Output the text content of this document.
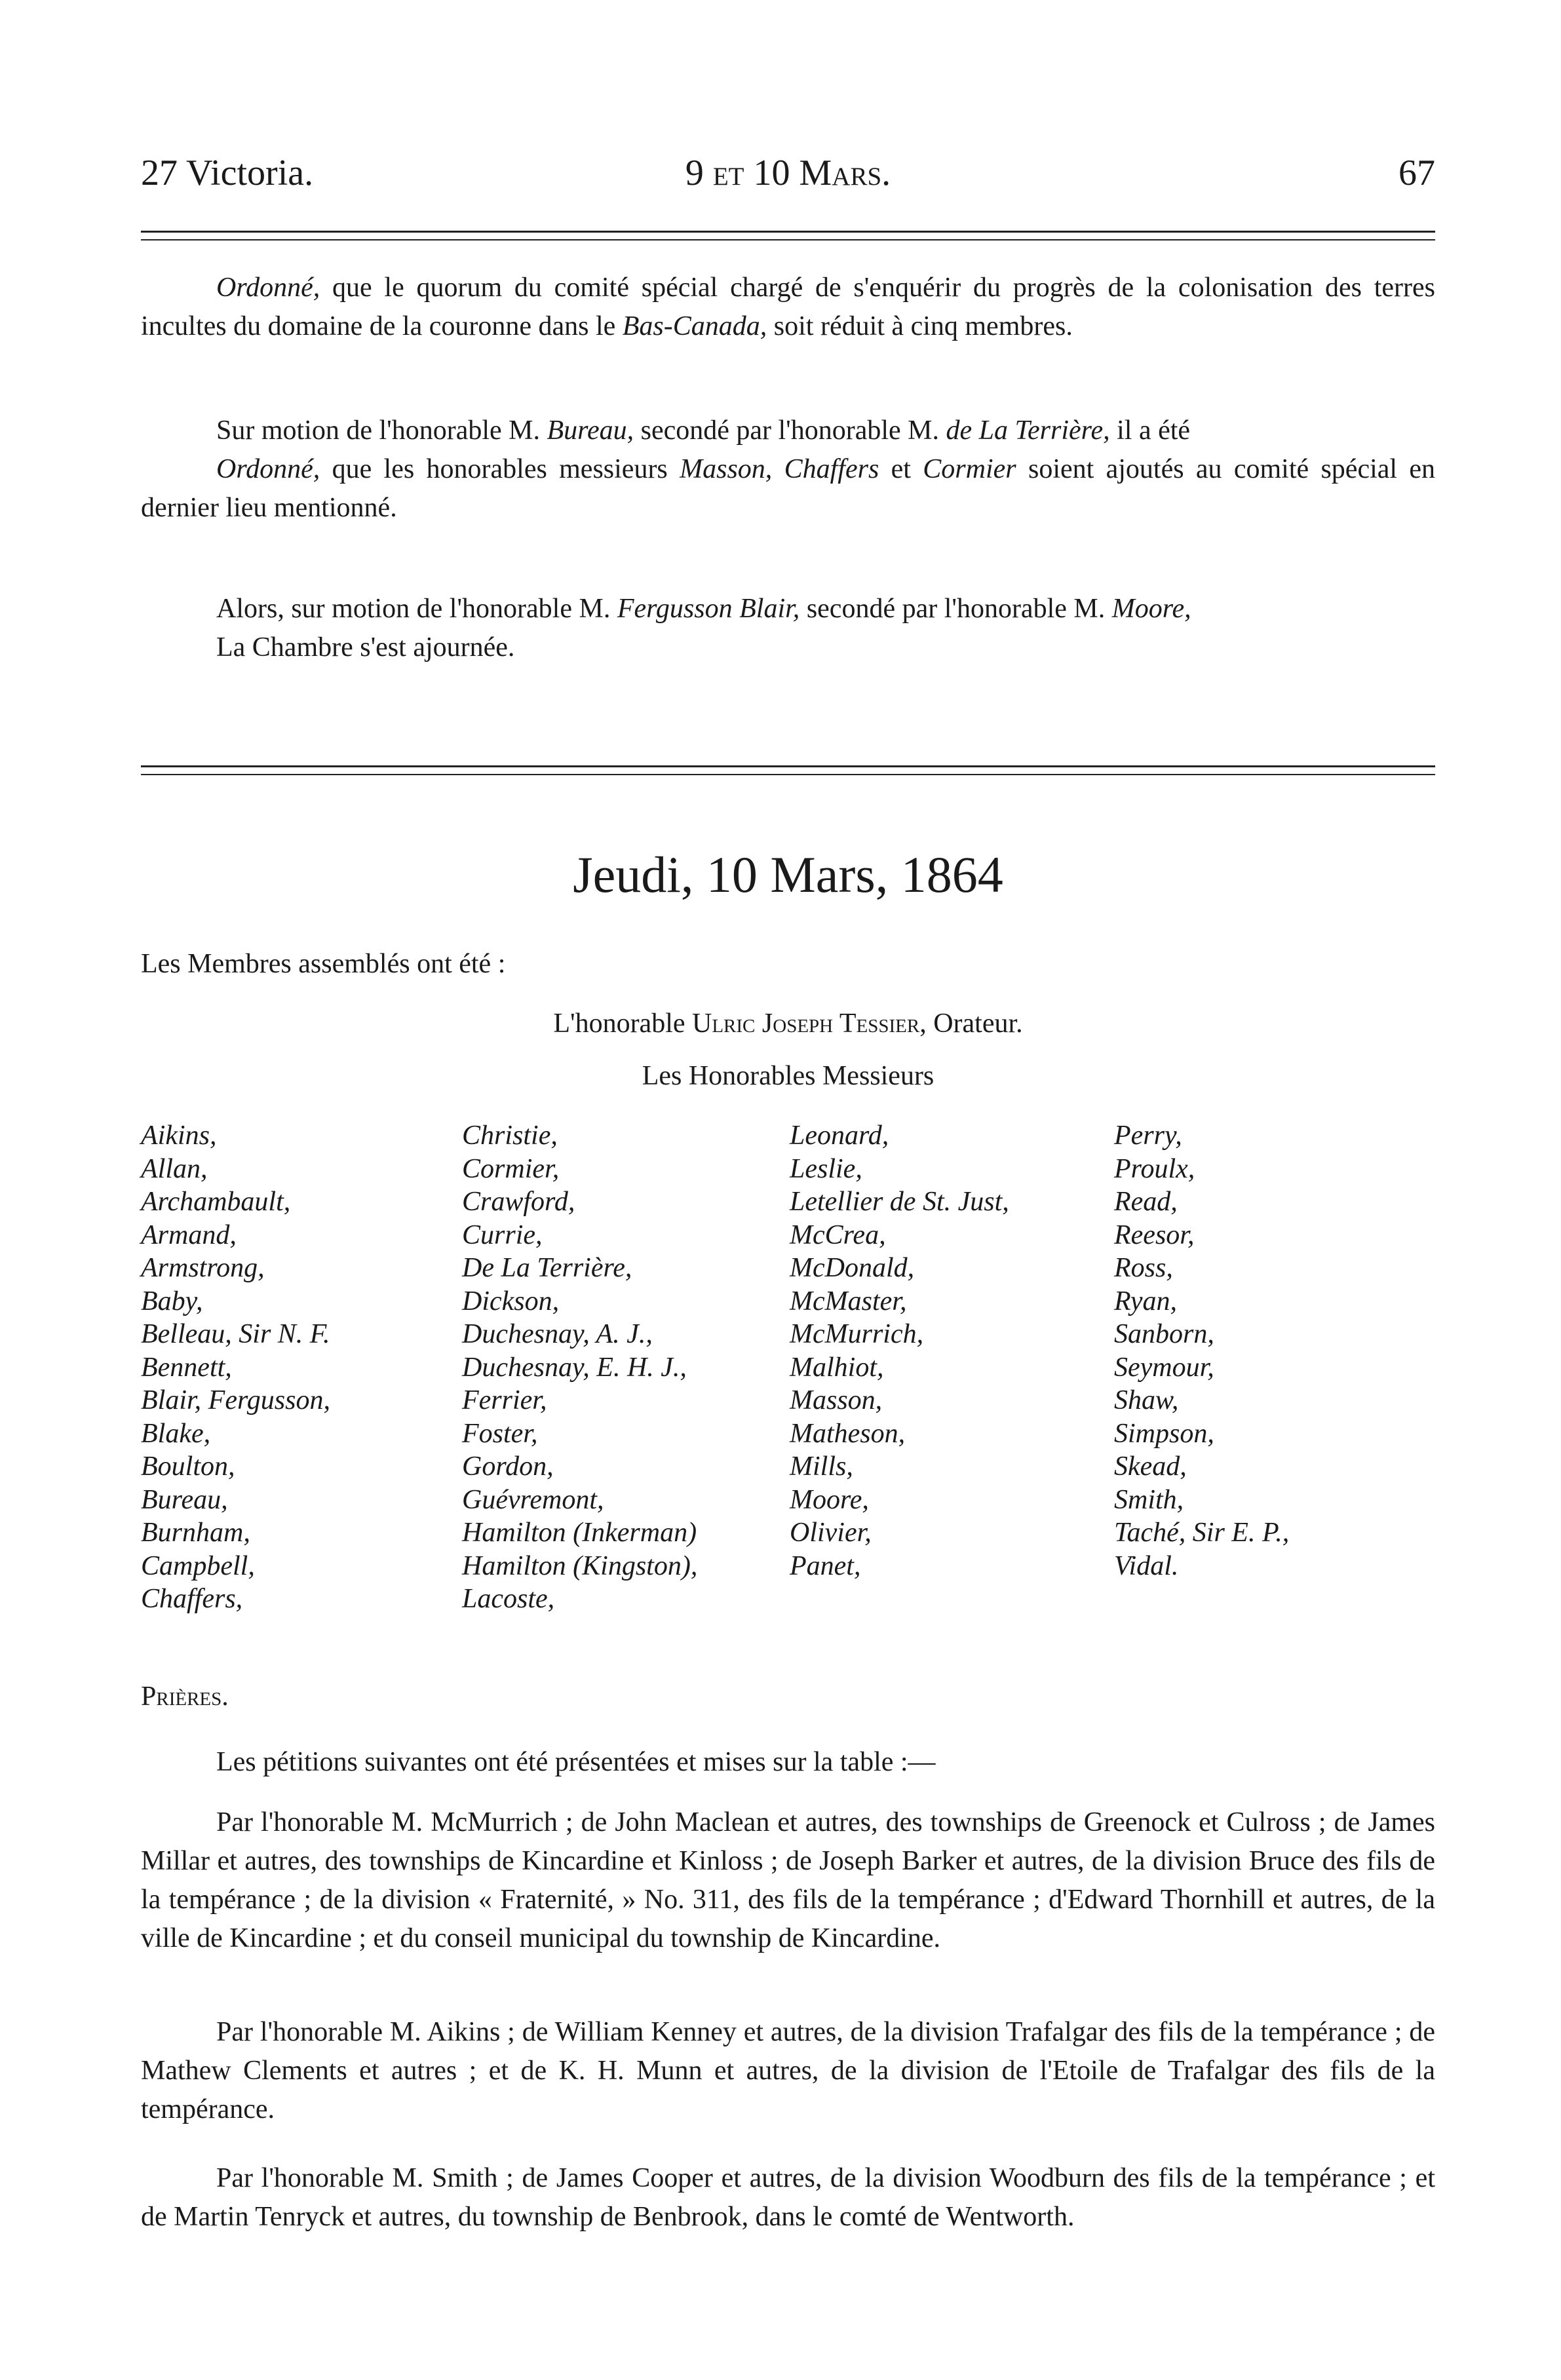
27 Victoria.	9 et 10 Mars.	67
Ordonné, que le quorum du comité spécial chargé de s'enquérir du progrès de la colonisation des terres incultes du domaine de la couronne dans le Bas-Canada, soit réduit à cinq membres.
Sur motion de l'honorable M. Bureau, secondé par l'honorable M. de La Terrière, il a été
Ordonné, que les honorables messieurs Masson, Chaffers et Cormier soient ajoutés au comité spécial en dernier lieu mentionné.
Alors, sur motion de l'honorable M. Fergusson Blair, secondé par l'honorable M. Moore,
La Chambre s'est ajournée.
Jeudi, 10 Mars, 1864
Les Membres assemblés ont été :
L'honorable Ulric Joseph Tessier, Orateur.
Les Honorables Messieurs
Aikins,
Allan,
Archambault,
Armand,
Armstrong,
Baby,
Belleau, Sir N. F.
Bennett,
Blair, Fergusson,
Blake,
Boulton,
Bureau,
Burnham,
Campbell,
Chaffers,
Christie,
Cormier,
Crawford,
Currie,
De La Terrière,
Dickson,
Duchesnay, A. J.,
Duchesnay, E. H. J.,
Ferrier,
Foster,
Gordon,
Guévremont,
Hamilton (Inkerman)
Hamilton (Kingston),
Lacoste,
Leonard,
Leslie,
Letellier de St. Just,
McCrea,
McDonald,
McMaster,
McMurrich,
Malhiot,
Masson,
Matheson,
Mills,
Moore,
Olivier,
Panet,
Perry,
Proulx,
Read,
Reesor,
Ross,
Ryan,
Sanborn,
Seymour,
Shaw,
Simpson,
Skead,
Smith,
Taché, Sir E. P.,
Vidal.
Prières.
Les pétitions suivantes ont été présentées et mises sur la table :—
Par l'honorable M. McMurrich ; de John Maclean et autres, des townships de Greenock et Culross ; de James Millar et autres, des townships de Kincardine et Kinloss ; de Joseph Barker et autres, de la division Bruce des fils de la tempérance ; de la division « Fraternité, » No. 311, des fils de la tempérance ; d'Edward Thornhill et autres, de la ville de Kincardine ; et du conseil municipal du township de Kincardine.
Par l'honorable M. Aikins ; de William Kenney et autres, de la division Trafalgar des fils de la tempérance ; de Mathew Clements et autres ; et de K. H. Munn et autres, de la division de l'Etoile de Trafalgar des fils de la tempérance.
Par l'honorable M. Smith ; de James Cooper et autres, de la division Woodburn des fils de la tempérance ; et de Martin Tenryck et autres, du township de Benbrook, dans le comté de Wentworth.
